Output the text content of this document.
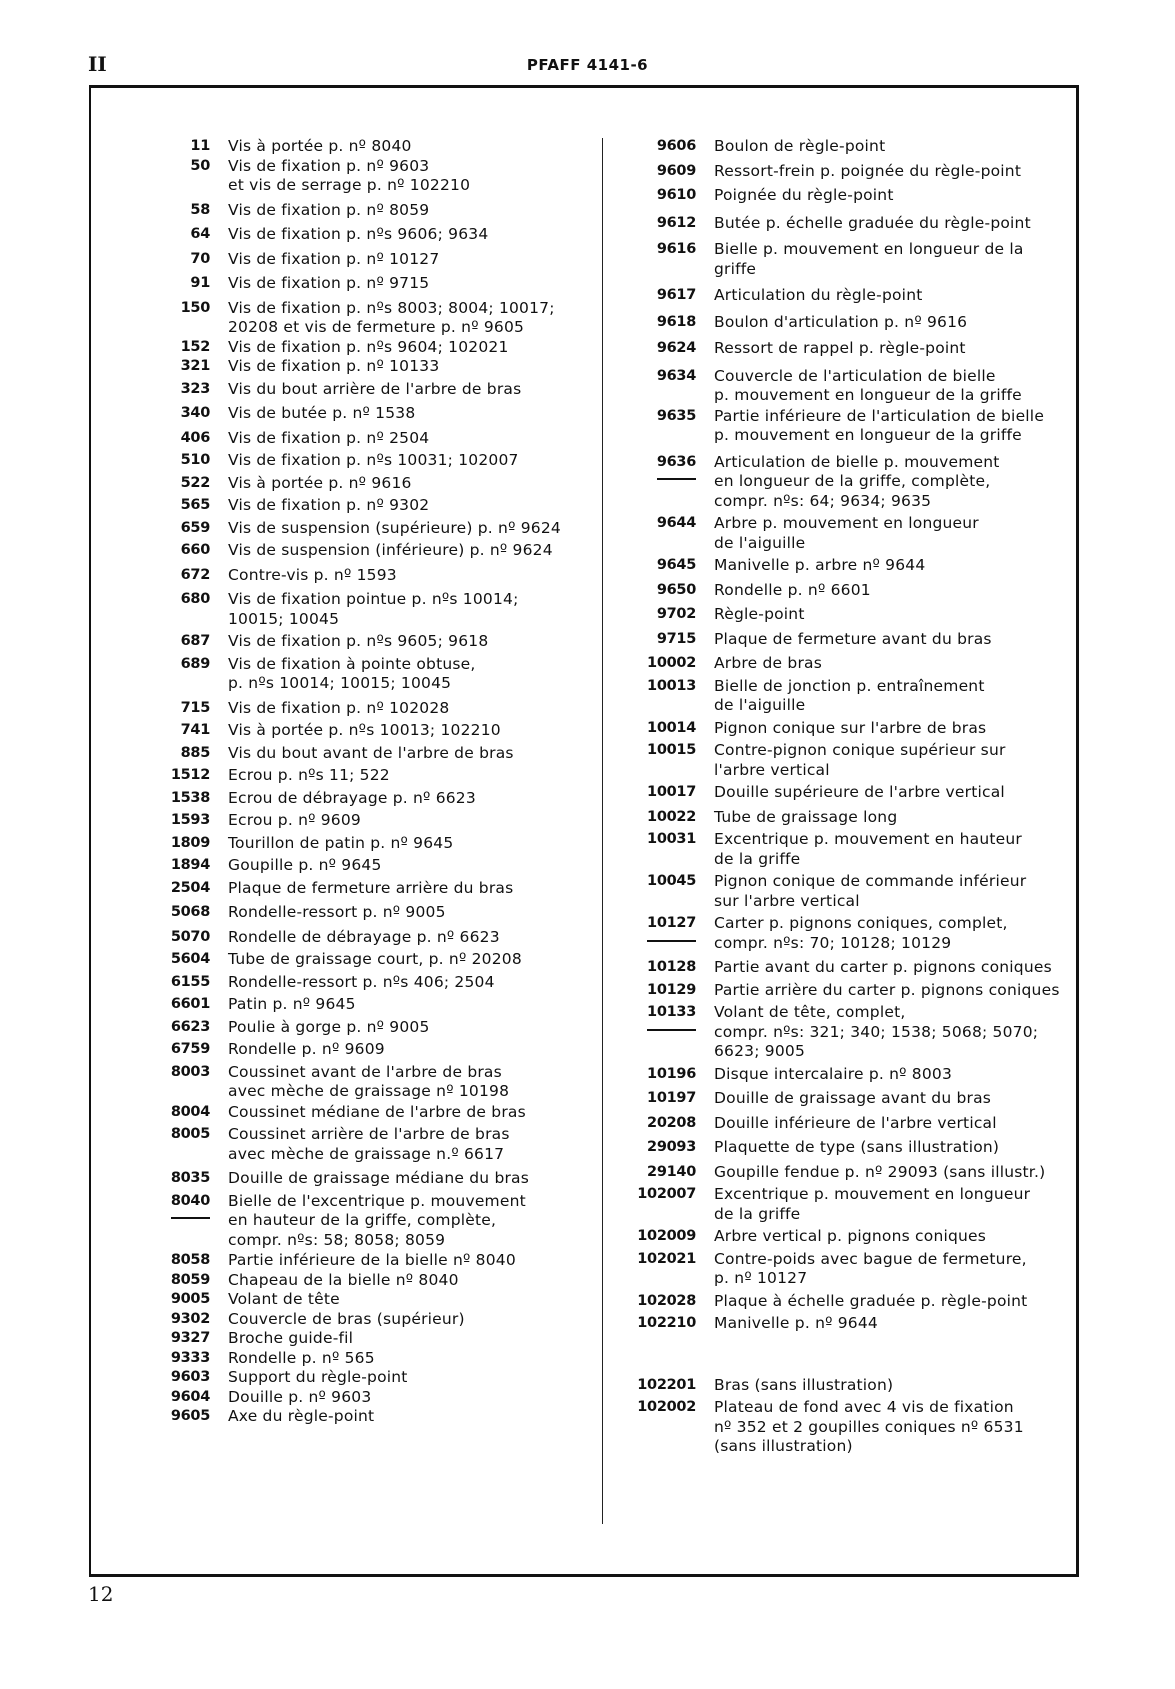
II	PFAFF 4141-6
11 Vis à portée p. nº 8040
50 Vis de fixation p. nº 9603
et vis de serrage p. nº 102210
58 Vis de fixation p. nº 8059
64 Vis de fixation p. nºs 9606; 9634
70 Vis de fixation p. nº 10127
91 Vis de fixation p. nº 9715
150 Vis de fixation p. nºs 8003; 8004; 10017;
20208 et vis de fermeture p. nº 9605
152 Vis de fixation p. nºs 9604; 102021
321 Vis de fixation p. nº 10133
323 Vis du bout arrière de l'arbre de bras
340 Vis de butée p. nº 1538
406 Vis de fixation p. nº 2504
510 Vis de fixation p. nºs 10031; 102007
522 Vis à portée p. nº 9616
565 Vis de fixation p. nº 9302
659 Vis de suspension (supérieure) p. nº 9624
660 Vis de suspension (inférieure) p. nº 9624
672 Contre-vis p. nº 1593
680 Vis de fixation pointue p. nºs 10014;
10015; 10045
687 Vis de fixation p. nºs 9605; 9618
689 Vis de fixation à pointe obtuse,
p. nºs 10014; 10015; 10045
715 Vis de fixation p. nº 102028
741 Vis à portée p. nºs 10013; 102210
885 Vis du bout avant de l'arbre de bras
1512 Ecrou p. nºs 11; 522
1538 Ecrou de débrayage p. nº 6623
1593 Ecrou p. nº 9609
1809 Tourillon de patin p. nº 9645
1894 Goupille p. nº 9645
2504 Plaque de fermeture arrière du bras
5068 Rondelle-ressort p. nº 9005
5070 Rondelle de débrayage p. nº 6623
5604 Tube de graissage court, p. nº 20208
6155 Rondelle-ressort p. nºs 406; 2504
6601 Patin p. nº 9645
6623 Poulie à gorge p. nº 9005
6759 Rondelle p. nº 9609
8003 Coussinet avant de l'arbre de bras
avec mèche de graissage nº 10198
8004 Coussinet médiane de l'arbre de bras
8005 Coussinet arrière de l'arbre de bras
avec mèche de graissage n.º 6617
8035 Douille de graissage médiane du bras
8040 Bielle de l'excentrique p. mouvement
en hauteur de la griffe, complète,
compr. nºs: 58; 8058; 8059
8058 Partie inférieure de la bielle nº 8040
8059 Chapeau de la bielle nº 8040
9005 Volant de tête
9302 Couvercle de bras (supérieur)
9327 Broche guide-fil
9333 Rondelle p. nº 565
9603 Support du règle-point
9604 Douille p. nº 9603
9605 Axe du règle-point
9606 Boulon de règle-point
9609 Ressort-frein p. poignée du règle-point
9610 Poignée du règle-point
9612 Butée p. échelle graduée du règle-point
9616 Bielle p. mouvement en longueur de la griffe
9617 Articulation du règle-point
9618 Boulon d'articulation p. nº 9616
9624 Ressort de rappel p. règle-point
9634 Couvercle de l'articulation de bielle
p. mouvement en longueur de la griffe
9635 Partie inférieure de l'articulation de bielle
p. mouvement en longueur de la griffe
9636 Articulation de bielle p. mouvement
en longueur de la griffe, complète,
compr. nºs: 64; 9634; 9635
9644 Arbre p. mouvement en longueur
de l'aiguille
9645 Manivelle p. arbre nº 9644
9650 Rondelle p. nº 6601
9702 Règle-point
9715 Plaque de fermeture avant du bras
10002 Arbre de bras
10013 Bielle de jonction p. entraînement
de l'aiguille
10014 Pignon conique sur l'arbre de bras
10015 Contre-pignon conique supérieur sur
l'arbre vertical
10017 Douille supérieure de l'arbre vertical
10022 Tube de graissage long
10031 Excentrique p. mouvement en hauteur
de la griffe
10045 Pignon conique de commande inférieur
sur l'arbre vertical
10127 Carter p. pignons coniques, complet,
compr. nºs: 70; 10128; 10129
10128 Partie avant du carter p. pignons coniques
10129 Partie arrière du carter p. pignons coniques
10133 Volant de tête, complet,
compr. nºs: 321; 340; 1538; 5068; 5070;
6623; 9005
10196 Disque intercalaire p. nº 8003
10197 Douille de graissage avant du bras
20208 Douille inférieure de l'arbre vertical
29093 Plaquette de type (sans illustration)
29140 Goupille fendue p. nº 29093 (sans illustr.)
102007 Excentrique p. mouvement en longueur
de la griffe
102009 Arbre vertical p. pignons coniques
102021 Contre-poids avec bague de fermeture,
p. nº 10127
102028 Plaque à échelle graduée p. règle-point
102210 Manivelle p. nº 9644
102201 Bras (sans illustration)
102002 Plateau de fond avec 4 vis de fixation
nº 352 et 2 goupilles coniques nº 6531
(sans illustration)
12
